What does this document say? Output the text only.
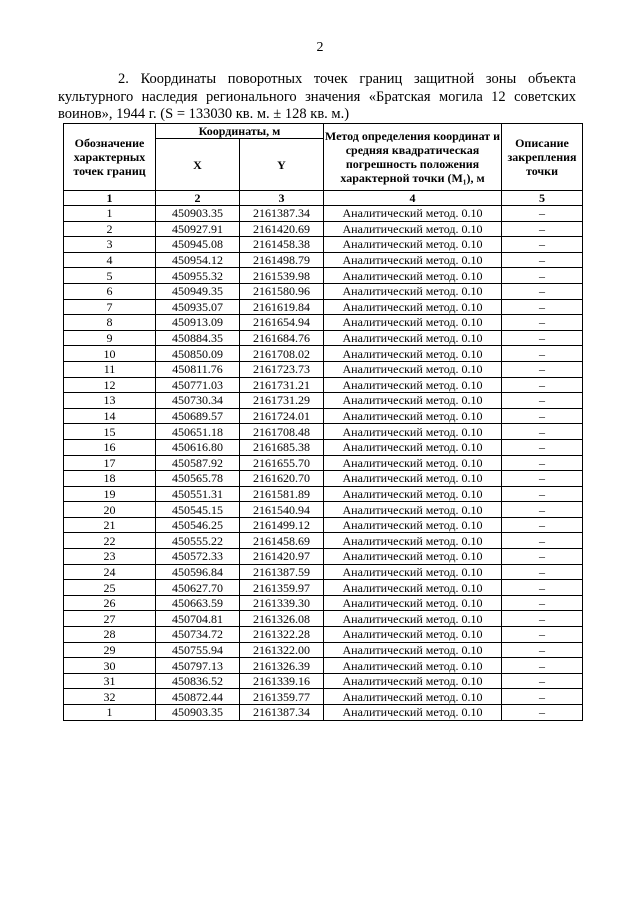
2

2. Координаты поворотных точек границ защитной зоны объекта культурного наследия регионального значения «Братская могила 12 советских воинов», 1944 г. (S = 133030 кв. м. ± 128 кв. м.)

Обозначение характерных точек границ	Координаты, м		Метод определения координат и средняя квадратическая погрешность положения характерной точки (M₁), м	Описание закрепления точки
	X	Y		
1	2	3	4	5
1	450903.35	2161387.34	Аналитический метод. 0.10	–
2	450927.91	2161420.69	Аналитический метод. 0.10	–
3	450945.08	2161458.38	Аналитический метод. 0.10	–
4	450954.12	2161498.79	Аналитический метод. 0.10	–
5	450955.32	2161539.98	Аналитический метод. 0.10	–
6	450949.35	2161580.96	Аналитический метод. 0.10	–
7	450935.07	2161619.84	Аналитический метод. 0.10	–
8	450913.09	2161654.94	Аналитический метод. 0.10	–
9	450884.35	2161684.76	Аналитический метод. 0.10	–
10	450850.09	2161708.02	Аналитический метод. 0.10	–
11	450811.76	2161723.73	Аналитический метод. 0.10	–
12	450771.03	2161731.21	Аналитический метод. 0.10	–
13	450730.34	2161731.29	Аналитический метод. 0.10	–
14	450689.57	2161724.01	Аналитический метод. 0.10	–
15	450651.18	2161708.48	Аналитический метод. 0.10	–
16	450616.80	2161685.38	Аналитический метод. 0.10	–
17	450587.92	2161655.70	Аналитический метод. 0.10	–
18	450565.78	2161620.70	Аналитический метод. 0.10	–
19	450551.31	2161581.89	Аналитический метод. 0.10	–
20	450545.15	2161540.94	Аналитический метод. 0.10	–
21	450546.25	2161499.12	Аналитический метод. 0.10	–
22	450555.22	2161458.69	Аналитический метод. 0.10	–
23	450572.33	2161420.97	Аналитический метод. 0.10	–
24	450596.84	2161387.59	Аналитический метод. 0.10	–
25	450627.70	2161359.97	Аналитический метод. 0.10	–
26	450663.59	2161339.30	Аналитический метод. 0.10	–
27	450704.81	2161326.08	Аналитический метод. 0.10	–
28	450734.72	2161322.28	Аналитический метод. 0.10	–
29	450755.94	2161322.00	Аналитический метод. 0.10	–
30	450797.13	2161326.39	Аналитический метод. 0.10	–
31	450836.52	2161339.16	Аналитический метод. 0.10	–
32	450872.44	2161359.77	Аналитический метод. 0.10	–
1	450903.35	2161387.34	Аналитический метод. 0.10	–
